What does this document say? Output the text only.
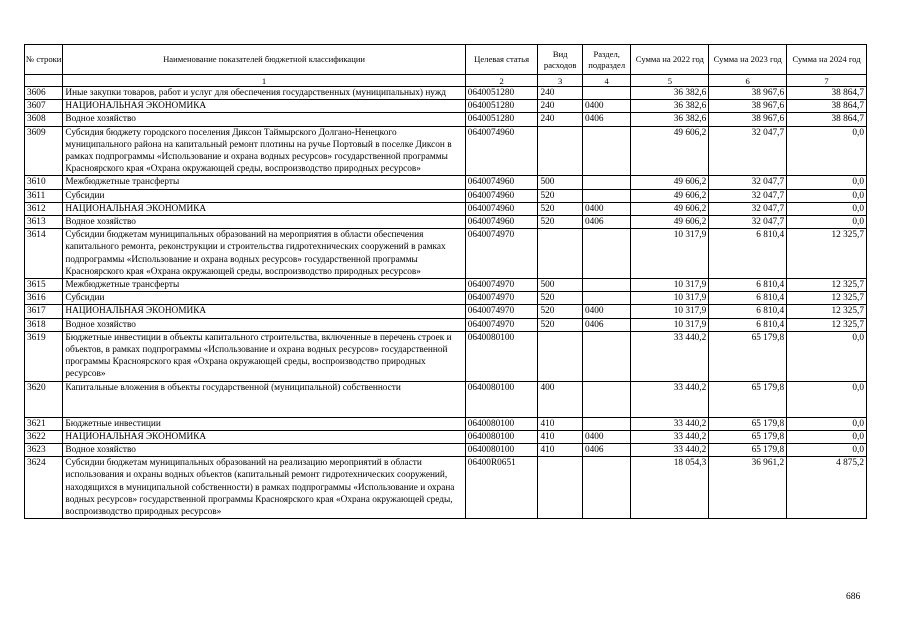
№ строки	Наименование показателей бюджетной классификации	Целевая статья	Вид расходов	Раздел, подраздел	Сумма на 2022 год	Сумма на 2023 год	Сумма на 2024 год
	1	2	3	4	5	6	7
3606	Иные закупки товаров, работ и услуг для обеспечения государственных (муниципальных) нужд	0640051280	240		36 382,6	38 967,6	38 864,7
3607	НАЦИОНАЛЬНАЯ ЭКОНОМИКА	0640051280	240	0400	36 382,6	38 967,6	38 864,7
3608	Водное хозяйство	0640051280	240	0406	36 382,6	38 967,6	38 864,7
3609	Субсидия бюджету городского поселения Диксон Таймырского Долгано-Ненецкого муниципального района на капитальный ремонт плотины на ручье Портовый в поселке Диксон в рамках подпрограммы «Использование и охрана водных ресурсов» государственной программы Красноярского края «Охрана окружающей среды, воспроизводство природных ресурсов»	0640074960			49 606,2	32 047,7	0,0
3610	Межбюджетные трансферты	0640074960	500		49 606,2	32 047,7	0,0
3611	Субсидии	0640074960	520		49 606,2	32 047,7	0,0
3612	НАЦИОНАЛЬНАЯ ЭКОНОМИКА	0640074960	520	0400	49 606,2	32 047,7	0,0
3613	Водное хозяйство	0640074960	520	0406	49 606,2	32 047,7	0,0
3614	Субсидии бюджетам муниципальных образований на мероприятия в области обеспечения капитального ремонта, реконструкции и строительства гидротехнических сооружений в рамках подпрограммы «Использование и охрана водных ресурсов» государственной программы Красноярского края «Охрана окружающей среды, воспроизводство природных ресурсов»	0640074970			10 317,9	6 810,4	12 325,7
3615	Межбюджетные трансферты	0640074970	500		10 317,9	6 810,4	12 325,7
3616	Субсидии	0640074970	520		10 317,9	6 810,4	12 325,7
3617	НАЦИОНАЛЬНАЯ ЭКОНОМИКА	0640074970	520	0400	10 317,9	6 810,4	12 325,7
3618	Водное хозяйство	0640074970	520	0406	10 317,9	6 810,4	12 325,7
3619	Бюджетные инвестиции в объекты капитального строительства, включенные в перечень строек и объектов, в рамках подпрограммы «Использование и охрана водных ресурсов» государственной программы Красноярского края «Охрана окружающей среды, воспроизводство природных ресурсов»	0640080100			33 440,2	65 179,8	0,0
3620	Капитальные вложения в объекты государственной (муниципальной) собственности	0640080100	400		33 440,2	65 179,8	0,0
3621	Бюджетные инвестиции	0640080100	410		33 440,2	65 179,8	0,0
3622	НАЦИОНАЛЬНАЯ ЭКОНОМИКА	0640080100	410	0400	33 440,2	65 179,8	0,0
3623	Водное хозяйство	0640080100	410	0406	33 440,2	65 179,8	0,0
3624	Субсидии бюджетам муниципальных образований на реализацию мероприятий в области использования и охраны водных объектов (капитальный ремонт гидротехнических сооружений, находящихся в муниципальной собственности) в рамках подпрограммы «Использование и охрана водных ресурсов» государственной программы Красноярского края «Охрана окружающей среды, воспроизводство природных ресурсов»	06400R0651			18 054,3	36 961,2	4 875,2
686
